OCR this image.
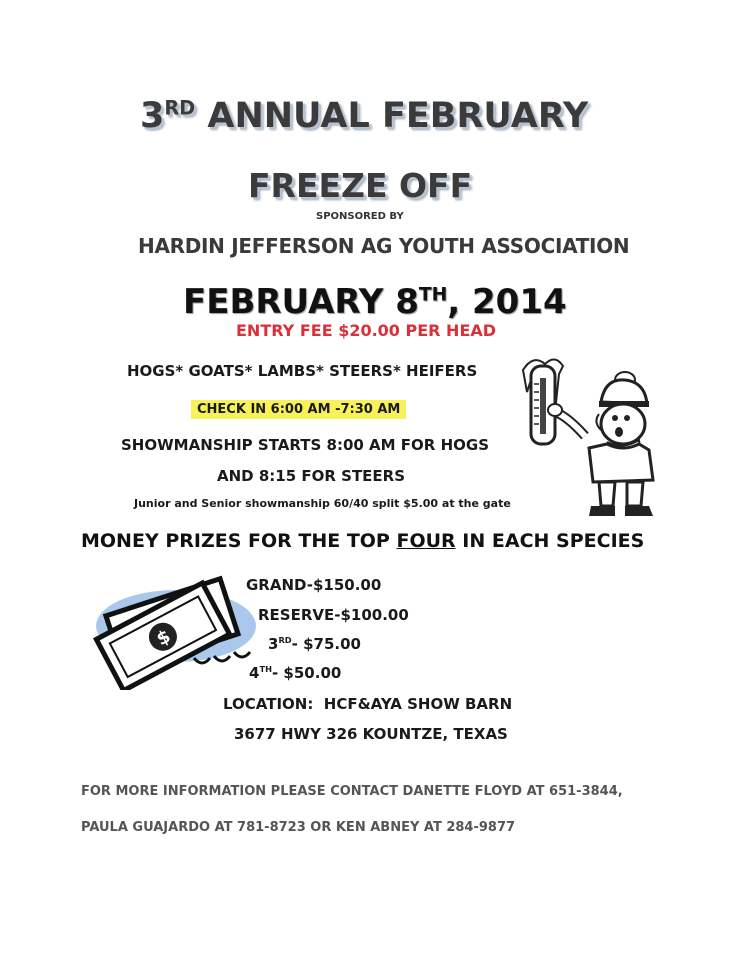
3RD ANNUAL FEBRUARY
FREEZE OFF
SPONSORED BY
HARDIN JEFFERSON AG YOUTH ASSOCIATION
FEBRUARY 8TH, 2014
ENTRY FEE $20.00 PER HEAD
HOGS* GOATS* LAMBS* STEERS* HEIFERS
CHECK IN 6:00 AM -7:30 AM
SHOWMANSHIP STARTS 8:00 AM FOR HOGS
AND 8:15 FOR STEERS
Junior and Senior showmanship 60/40 split $5.00 at the gate
MONEY PRIZES FOR THE TOP FOUR IN EACH SPECIES
$
GRAND-$150.00
RESERVE-$100.00
3RD- $75.00
4TH- $50.00
LOCATION:  HCF&AYA SHOW BARN
3677 HWY 326 KOUNTZE, TEXAS
FOR MORE INFORMATION PLEASE CONTACT DANETTE FLOYD AT 651-3844,
PAULA GUAJARDO AT 781-8723 OR KEN ABNEY AT 284-9877
